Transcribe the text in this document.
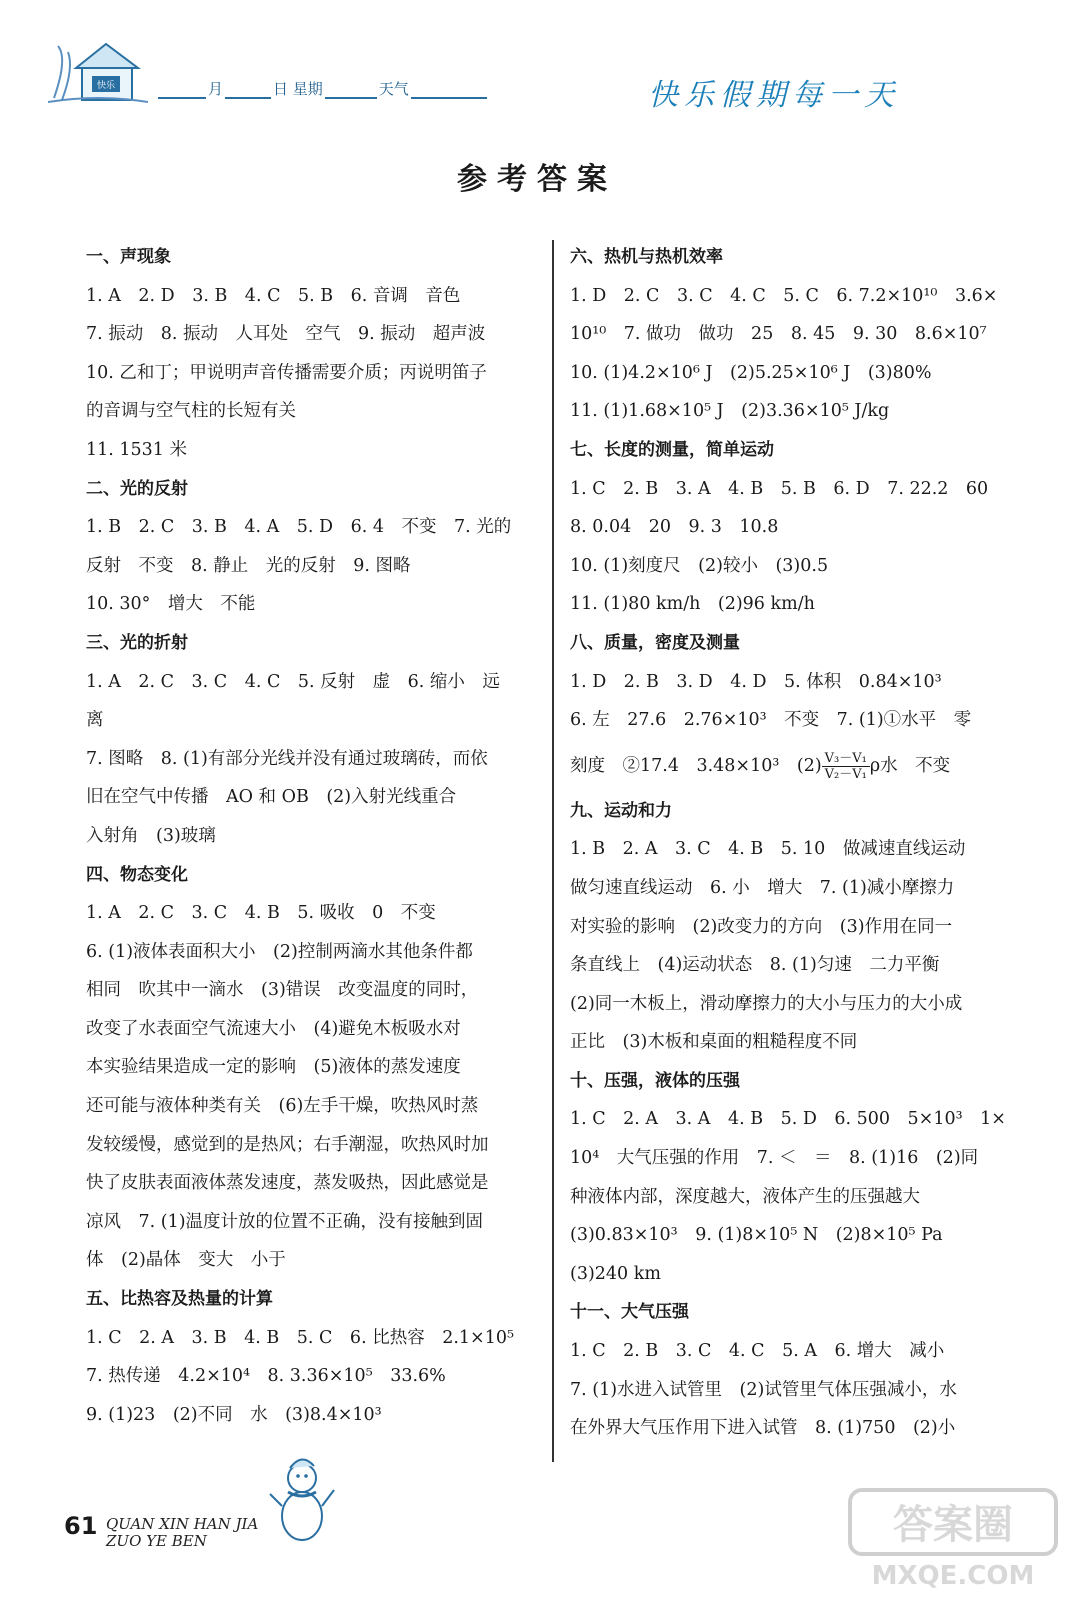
快乐	月	日 星期	天气	快乐假期每一天
参考答案
一、声现象
1. A　2. D　3. B　4. C　5. B　6. 音调　音色
7. 振动　8. 振动　人耳处　空气　9. 振动　超声波
10. 乙和丁；甲说明声音传播需要介质；丙说明笛子
的音调与空气柱的长短有关
11. 1531 米
二、光的反射
1. B　2. C　3. B　4. A　5. D　6. 4　不变　7. 光的
反射　不变　8. 静止　光的反射　9. 图略
10. 30°　增大　不能
三、光的折射
1. A　2. C　3. C　4. C　5. 反射　虚　6. 缩小　远
离
7. 图略　8. (1)有部分光线并没有通过玻璃砖，而依
旧在空气中传播　AO 和 OB　(2)入射光线重合
入射角　(3)玻璃
四、物态变化
1. A　2. C　3. C　4. B　5. 吸收　0　不变
6. (1)液体表面积大小　(2)控制两滴水其他条件都
相同　吹其中一滴水　(3)错误　改变温度的同时，
改变了水表面空气流速大小　(4)避免木板吸水对
本实验结果造成一定的影响　(5)液体的蒸发速度
还可能与液体种类有关　(6)左手干燥，吹热风时蒸
发较缓慢，感觉到的是热风；右手潮湿，吹热风时加
快了皮肤表面液体蒸发速度，蒸发吸热，因此感觉是
凉风　7. (1)温度计放的位置不正确，没有接触到固
体　(2)晶体　变大　小于
五、比热容及热量的计算
1. C　2. A　3. B　4. B　5. C　6. 比热容　2.1×10⁵
7. 热传递　4.2×10⁴　8. 3.36×10⁵　33.6%
9. (1)23　(2)不同　水　(3)8.4×10³
六、热机与热机效率
1. D　2. C　3. C　4. C　5. C　6. 7.2×10¹⁰　3.6×
10¹⁰　7. 做功　做功　25　8. 45　9. 30　8.6×10⁷
10. (1)4.2×10⁶ J　(2)5.25×10⁶ J　(3)80%
11. (1)1.68×10⁵ J　(2)3.36×10⁵ J/kg
七、长度的测量，简单运动
1. C　2. B　3. A　4. B　5. B　6. D　7. 22.2　60
8. 0.04　20　9. 3　10.8
10. (1)刻度尺　(2)较小　(3)0.5
11. (1)80 km/h　(2)96 km/h
八、质量，密度及测量
1. D　2. B　3. D　4. D　5. 体积　0.84×10³
6. 左　27.6　2.76×10³　不变　7. (1)①水平　零
刻度　②17.4　3.48×10³　$(2) \frac{\text{V₃－V₁}}{\text{V₂－V₁}}$ ρ水　不变
九、运动和力
1. B　2. A　3. C　4. B　5. 10　做减速直线运动
做匀速直线运动　6. 小　增大　7. (1)减小摩擦力
对实验的影响　(2)改变力的方向　(3)作用在同一
条直线上　(4)运动状态　8. (1)匀速　二力平衡
(2)同一木板上，滑动摩擦力的大小与压力的大小成
正比　(3)木板和桌面的粗糙程度不同
十、压强，液体的压强
1. C　2. A　3. A　4. B　5. D　6. 500　5×10³　1×
10⁴　大气压强的作用　7. ＜　＝　8. (1)16　(2)同
种液体内部，深度越大，液体产生的压强越大
(3)0.83×10³　9. (1)8×10⁵ N　(2)8×10⁵ Pa
(3)240 km
十一、大气压强
1. C　2. B　3. C　4. C　5. A　6. 增大　减小
7. (1)水进入试管里　(2)试管里气体压强减小，水
在外界大气压作用下进入试管　8. (1)750　(2)小
61 QUAN XIN HAN JIA
ZUO YE BEN	答案圈
MXQE.COM
